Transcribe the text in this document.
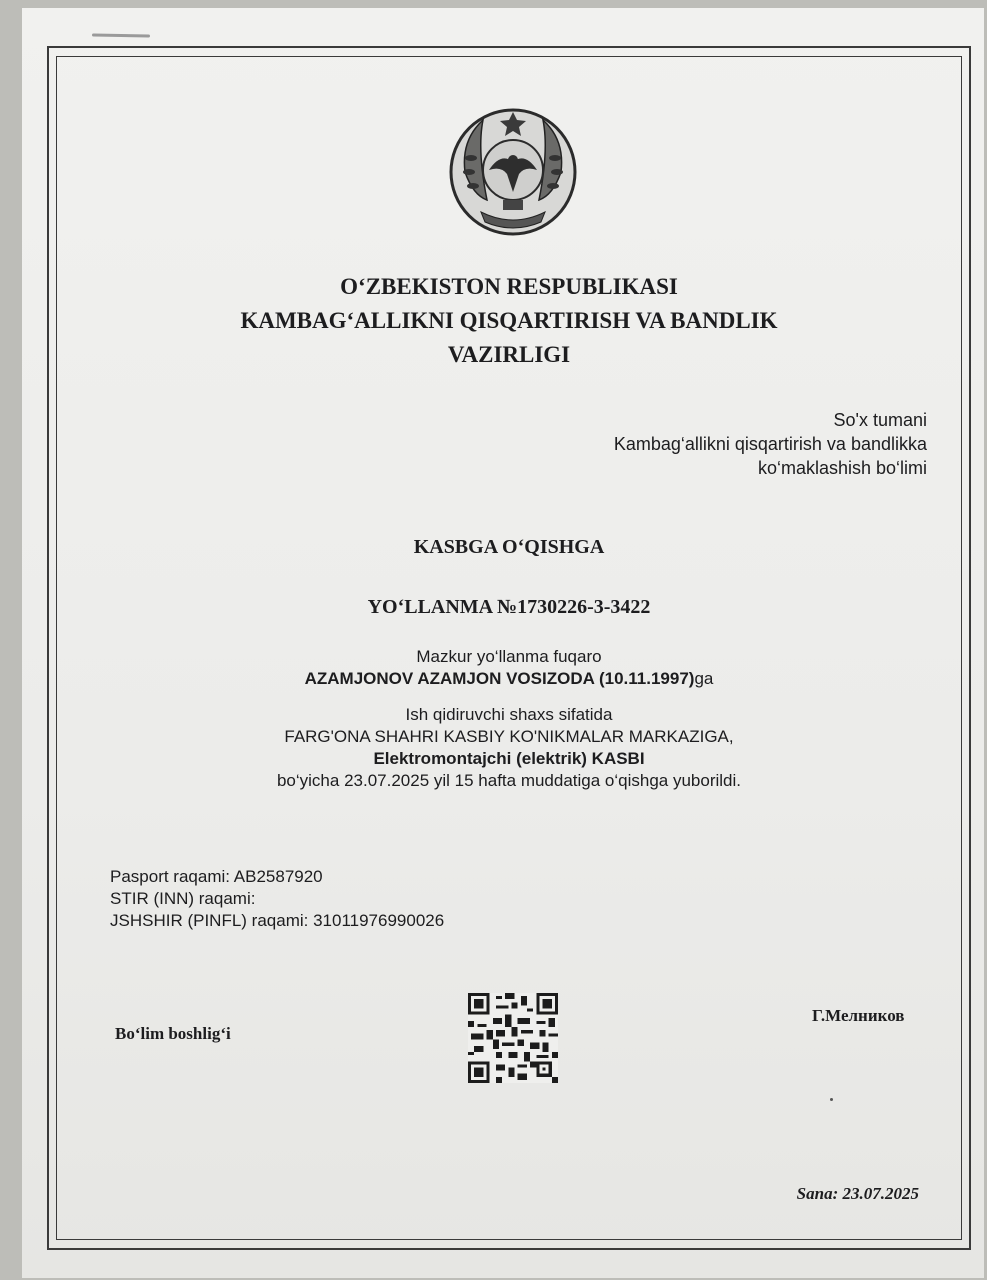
O‘ZBEKISTON RESPUBLIKASI
KAMBAG‘ALLIKNI QISQARTIRISH VA BANDLIK
VAZIRLIGI
So'x tumani
Kambag‘allikni qisqartirish va bandlikka
ko‘maklashish bo‘limi
KASBGA O‘QISHGA
YO‘LLANMA №1730226-3-3422
Mazkur yo‘llanma fuqaro
AZAMJONOV AZAMJON VOSIZODA (10.11.1997)ga
Ish qidiruvchi shaxs sifatida
FARG'ONA SHAHRI KASBIY KO'NIKMALAR MARKAZIGA,
Elektromontajchi (elektrik) KASBI
bo‘yicha 23.07.2025 yil 15 hafta muddatiga o‘qishga yuborildi.
Pasport raqami: AB2587920
STIR (INN) raqami:
JSHSHIR (PINFL) raqami: 31011976990026
Bo‘lim boshlig‘i
Г.Мелников
Sana: 23.07.2025
